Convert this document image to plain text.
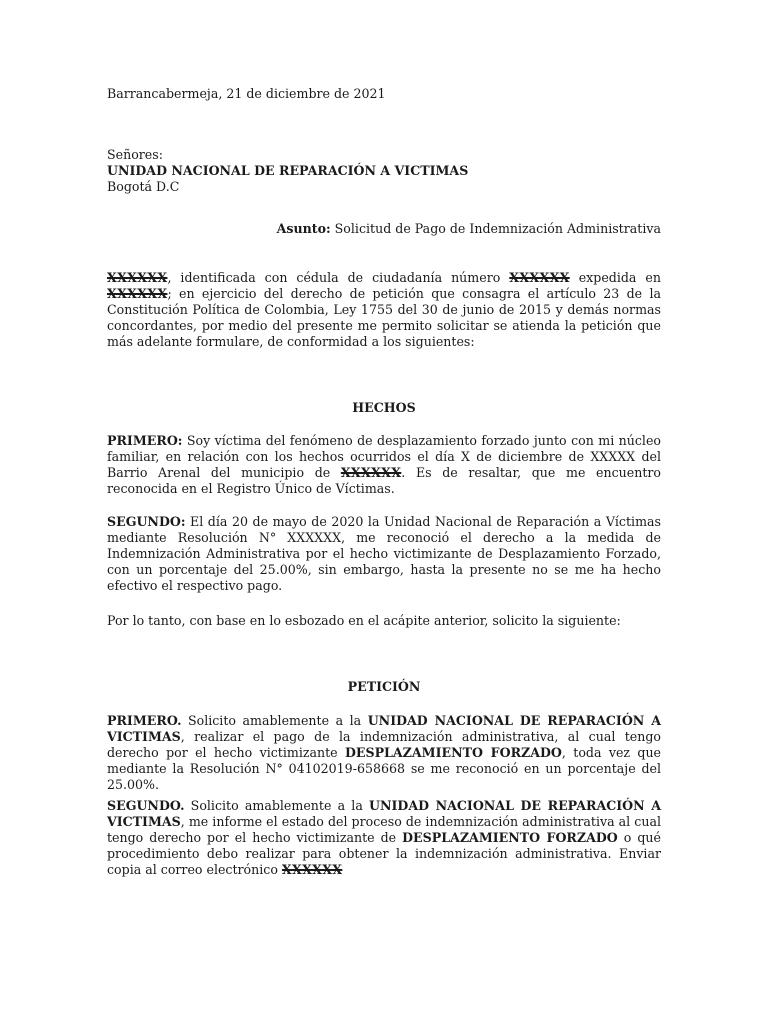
Barrancabermeja, 21 de diciembre de 2021
Señores:
UNIDAD NACIONAL DE REPARACIÓN A VICTIMAS
Bogotá D.C
Asunto: Solicitud de Pago de Indemnización Administrativa
XXXXXX, identificada con cédula de ciudadanía número XXXXXX expedida en XXXXXX; en ejercicio del derecho de petición que consagra el artículo 23 de la Constitución Política de Colombia, Ley 1755 del 30 de junio de 2015 y demás normas concordantes, por medio del presente me permito solicitar se atienda la petición que más adelante formulare, de conformidad a los siguientes:
HECHOS
PRIMERO: Soy víctima del fenómeno de desplazamiento forzado junto con mi núcleo familiar, en relación con los hechos ocurridos el día X de diciembre de XXXXX del Barrio Arenal del municipio de XXXXXX. Es de resaltar, que me encuentro reconocida en el Registro Único de Víctimas.
SEGUNDO: El día 20 de mayo de 2020 la Unidad Nacional de Reparación a Víctimas mediante Resolución N° XXXXXX, me reconoció el derecho a la medida de Indemnización Administrativa por el hecho victimizante de Desplazamiento Forzado, con un porcentaje del 25.00%, sin embargo, hasta la presente no se me ha hecho efectivo el respectivo pago.
Por lo tanto, con base en lo esbozado en el acápite anterior, solicito la siguiente:
PETICIÓN
PRIMERO. Solicito amablemente a la UNIDAD NACIONAL DE REPARACIÓN A VICTIMAS, realizar el pago de la indemnización administrativa, al cual tengo derecho por el hecho victimizante DESPLAZAMIENTO FORZADO, toda vez que mediante la Resolución N° 04102019-658668 se me reconoció en un porcentaje del 25.00%.
SEGUNDO. Solicito amablemente a la UNIDAD NACIONAL DE REPARACIÓN A VICTIMAS, me informe el estado del proceso de indemnización administrativa al cual tengo derecho por el hecho victimizante de DESPLAZAMIENTO FORZADO o qué procedimiento debo realizar para obtener la indemnización administrativa. Enviar copia al correo electrónico XXXXXX
